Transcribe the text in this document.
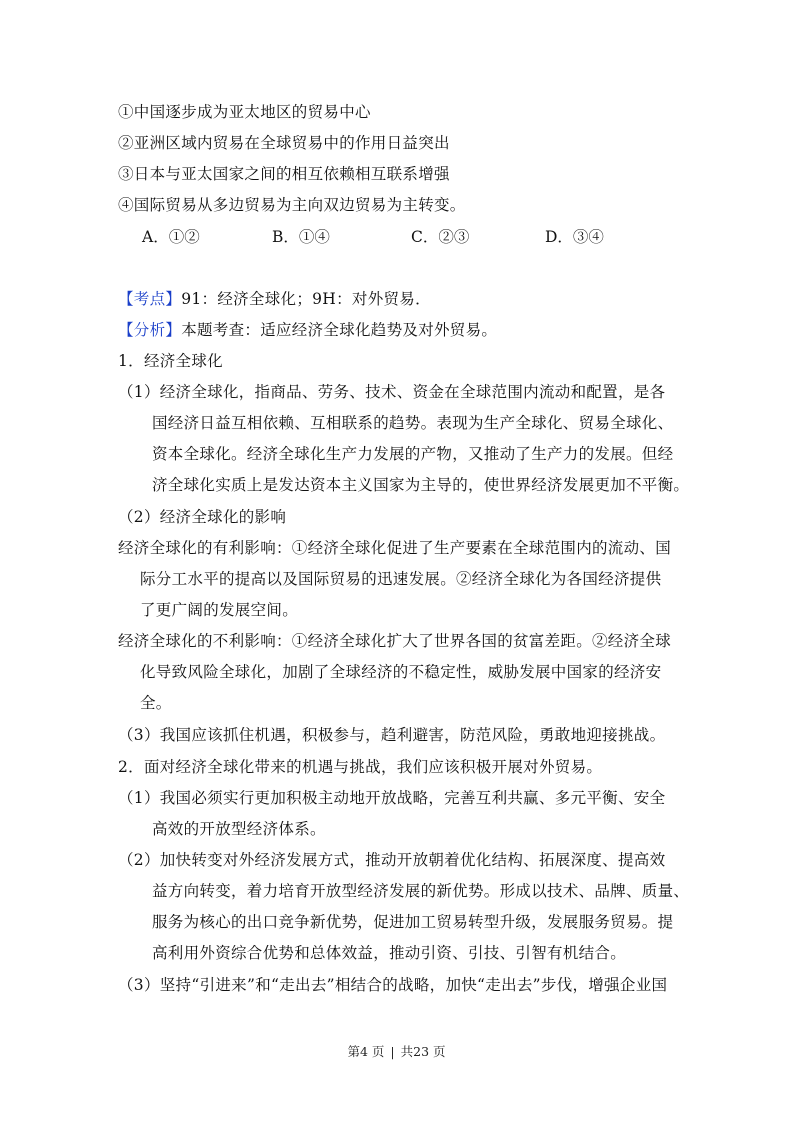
①中国逐步成为亚太地区的贸易中心
②亚洲区域内贸易在全球贸易中的作用日益突出
③日本与亚太国家之间的相互依赖相互联系增强
④国际贸易从多边贸易为主向双边贸易为主转变。
A．①②	B．①④	C．②③	D．③④
【考点】91：经济全球化；9H：对外贸易．
【分析】本题考查：适应经济全球化趋势及对外贸易。
1．经济全球化
（1）经济全球化，指商品、劳务、技术、资金在全球范围内流动和配置，是各
国经济日益互相依赖、互相联系的趋势。表现为生产全球化、贸易全球化、
资本全球化。经济全球化生产力发展的产物，又推动了生产力的发展。但经
济全球化实质上是发达资本主义国家为主导的，使世界经济发展更加不平衡。
（2）经济全球化的影响
经济全球化的有利影响：①经济全球化促进了生产要素在全球范围内的流动、国
际分工水平的提高以及国际贸易的迅速发展。②经济全球化为各国经济提供
了更广阔的发展空间。
经济全球化的不利影响：①经济全球化扩大了世界各国的贫富差距。②经济全球
化导致风险全球化，加剧了全球经济的不稳定性，威胁发展中国家的经济安
全。
（3）我国应该抓住机遇，积极参与，趋利避害，防范风险，勇敢地迎接挑战。
2．面对经济全球化带来的机遇与挑战，我们应该积极开展对外贸易。
（1）我国必须实行更加积极主动地开放战略，完善互利共赢、多元平衡、安全
高效的开放型经济体系。
（2）加快转变对外经济发展方式，推动开放朝着优化结构、拓展深度、提高效
益方向转变，着力培育开放型经济发展的新优势。形成以技术、品牌、质量、
服务为核心的出口竞争新优势，促进加工贸易转型升级，发展服务贸易。提
高利用外资综合优势和总体效益，推动引资、引技、引智有机结合。
（3）坚持“引进来”和“走出去”相结合的战略，加快“走出去”步伐，增强企业国
第4 页 | 共23 页
